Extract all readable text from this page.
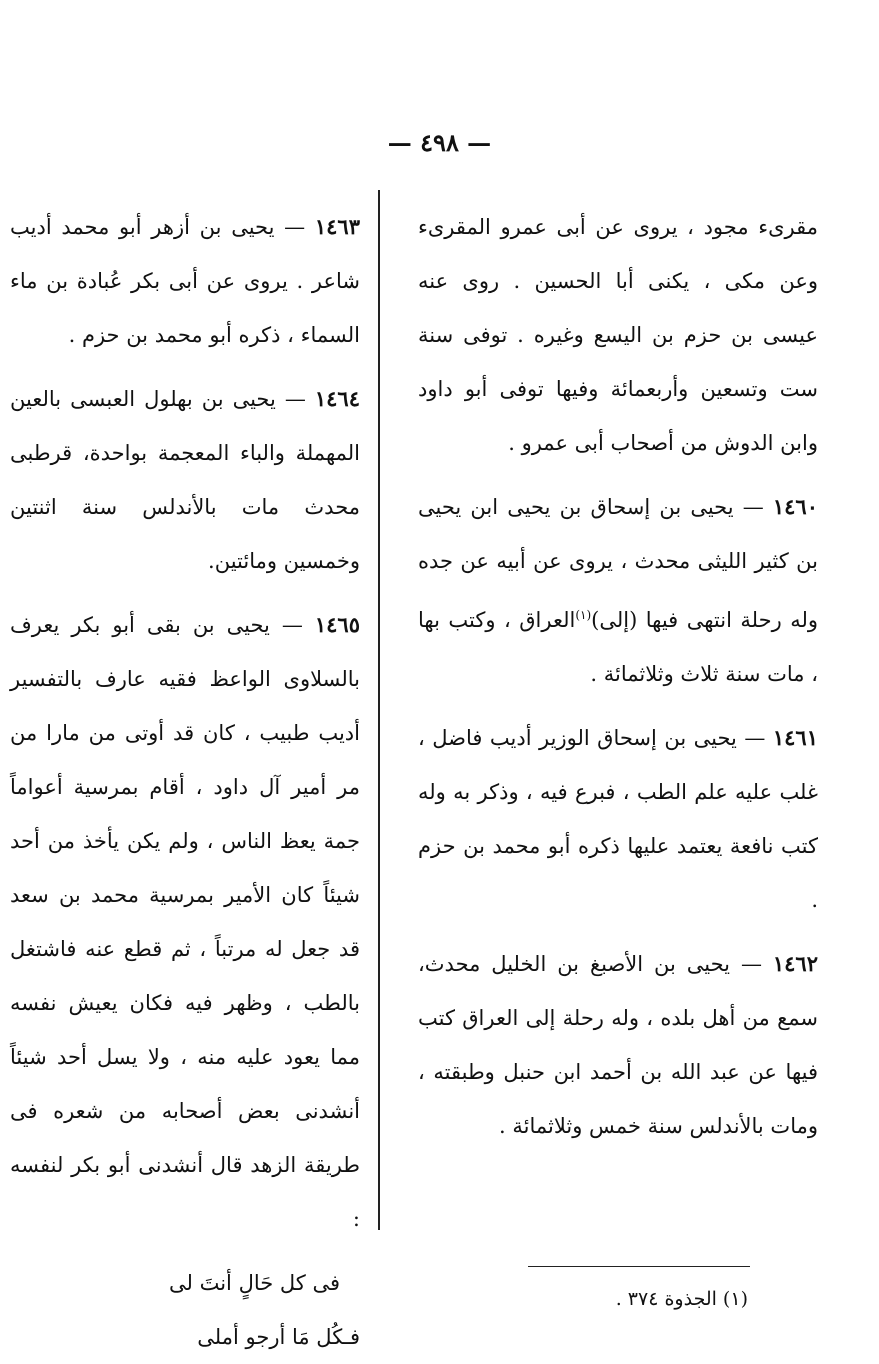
— ٤٩٨ —

مقرىء مجود ، يروى عن أبى عمرو المقرىء وعن مكى ، يكنى أبا الحسين . روى عنه عيسى بن حزم بن اليسع وغيره . توفى سنة ست وتسعين وأربعمائة وفيها توفى أبو داود وابن الدوش من أصحاب أبى عمرو .

١٤٦٠ — يحيى بن إسحاق بن يحيى ابن يحيى بن كثير الليثى محدث ، يروى عن أبيه عن جده وله رحلة انتهى فيها (إلى)$^{(١)}$العراق ، وكتب بها ، مات سنة ثلاث وثلاثمائة .

١٤٦١ — يحيى بن إسحاق الوزير أديب فاضل ، غلب عليه علم الطب ، فبرع فيه ، وذكر به وله كتب نافعة يعتمد عليها ذكره أبو محمد بن حزم .

١٤٦٢ — يحيى بن الأصبغ بن الخليل محدث، سمع من أهل بلده ، وله رحلة إلى العراق كتب فيها عن عبد الله بن أحمد ابن حنبل وطبقته ، ومات بالأندلس سنة خمس وثلاثمائة .

١٤٦٣ — يحيى بن أزهر أبو محمد أديب شاعر . يروى عن أبى بكر عُبادة بن ماء السماء ، ذكره أبو محمد بن حزم .

١٤٦٤ — يحيى بن بهلول العبسى بالعين المهملة والباء المعجمة بواحدة، قرطبى محدث مات بالأندلس سنة اثنتين وخمسين ومائتين.

١٤٦٥ — يحيى بن بقى أبو بكر يعرف بالسلاوى الواعظ فقيه عارف بالتفسير أديب طبيب ، كان قد أوتى من مارا من مر أمير آل داود ، أقام بمرسية أعواماً جمة يعظ الناس ، ولم يكن يأخذ من أحد شيئاً كان الأمير بمرسية محمد بن سعد قد جعل له مرتباً ، ثم قطع عنه فاشتغل بالطب ، وظهر فيه فكان يعيش نفسه مما يعود عليه منه ، ولا يسل أحد شيئاً أنشدنى بعض أصحابه من شعره فى طريقة الزهد قال أنشدنى أبو بكر لنفسه :

فى كل حَالٍ أنتَ لى
فـكُل مَا أرجو أملى
(١) الجذوة ٣٧٤ .
